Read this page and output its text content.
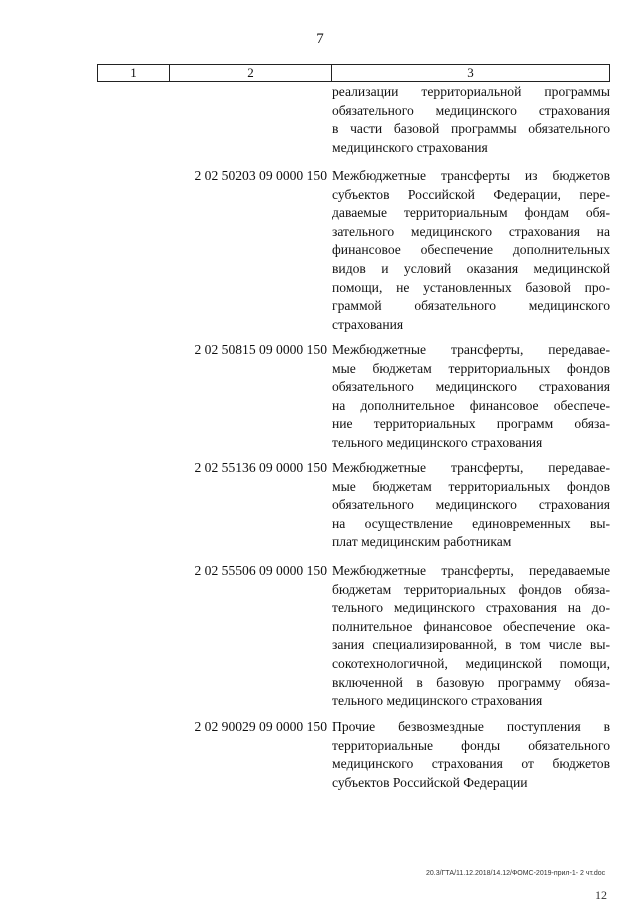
7
1	2	3
реализации территориальной программы
обязательного медицинского страхования
в части базовой программы обязательного
медицинского страхования
2 02 50203 09 0000 150 Межбюджетные трансферты из бюджетов
субъектов Российской Федерации, пере-
даваемые территориальным фондам обя-
зательного медицинского страхования на
финансовое обеспечение дополнительных
видов и условий оказания медицинской
помощи, не установленных базовой про-
граммой обязательного медицинского
страхования
2 02 50815 09 0000 150 Межбюджетные трансферты, передавае-
мые бюджетам территориальных фондов
обязательного медицинского страхования
на дополнительное финансовое обеспече-
ние территориальных программ обяза-
тельного медицинского страхования
2 02 55136 09 0000 150 Межбюджетные трансферты, передавае-
мые бюджетам территориальных фондов
обязательного медицинского страхования
на осуществление единовременных вы-
плат медицинским работникам
2 02 55506 09 0000 150 Межбюджетные трансферты, передаваемые
бюджетам территориальных фондов обяза-
тельного медицинского страхования на до-
полнительное финансовое обеспечение ока-
зания специализированной, в том числе вы-
сокотехнологичной, медицинской помощи,
включенной в базовую программу обяза-
тельного медицинского страхования
2 02 90029 09 0000 150 Прочие безвозмездные поступления в
территориальные фонды обязательного
медицинского страхования от бюджетов
субъектов Российской Федерации
20.3/ГТА/11.12.2018/14.12/ФОМС-2019-прил-1- 2 чт.doc
12
